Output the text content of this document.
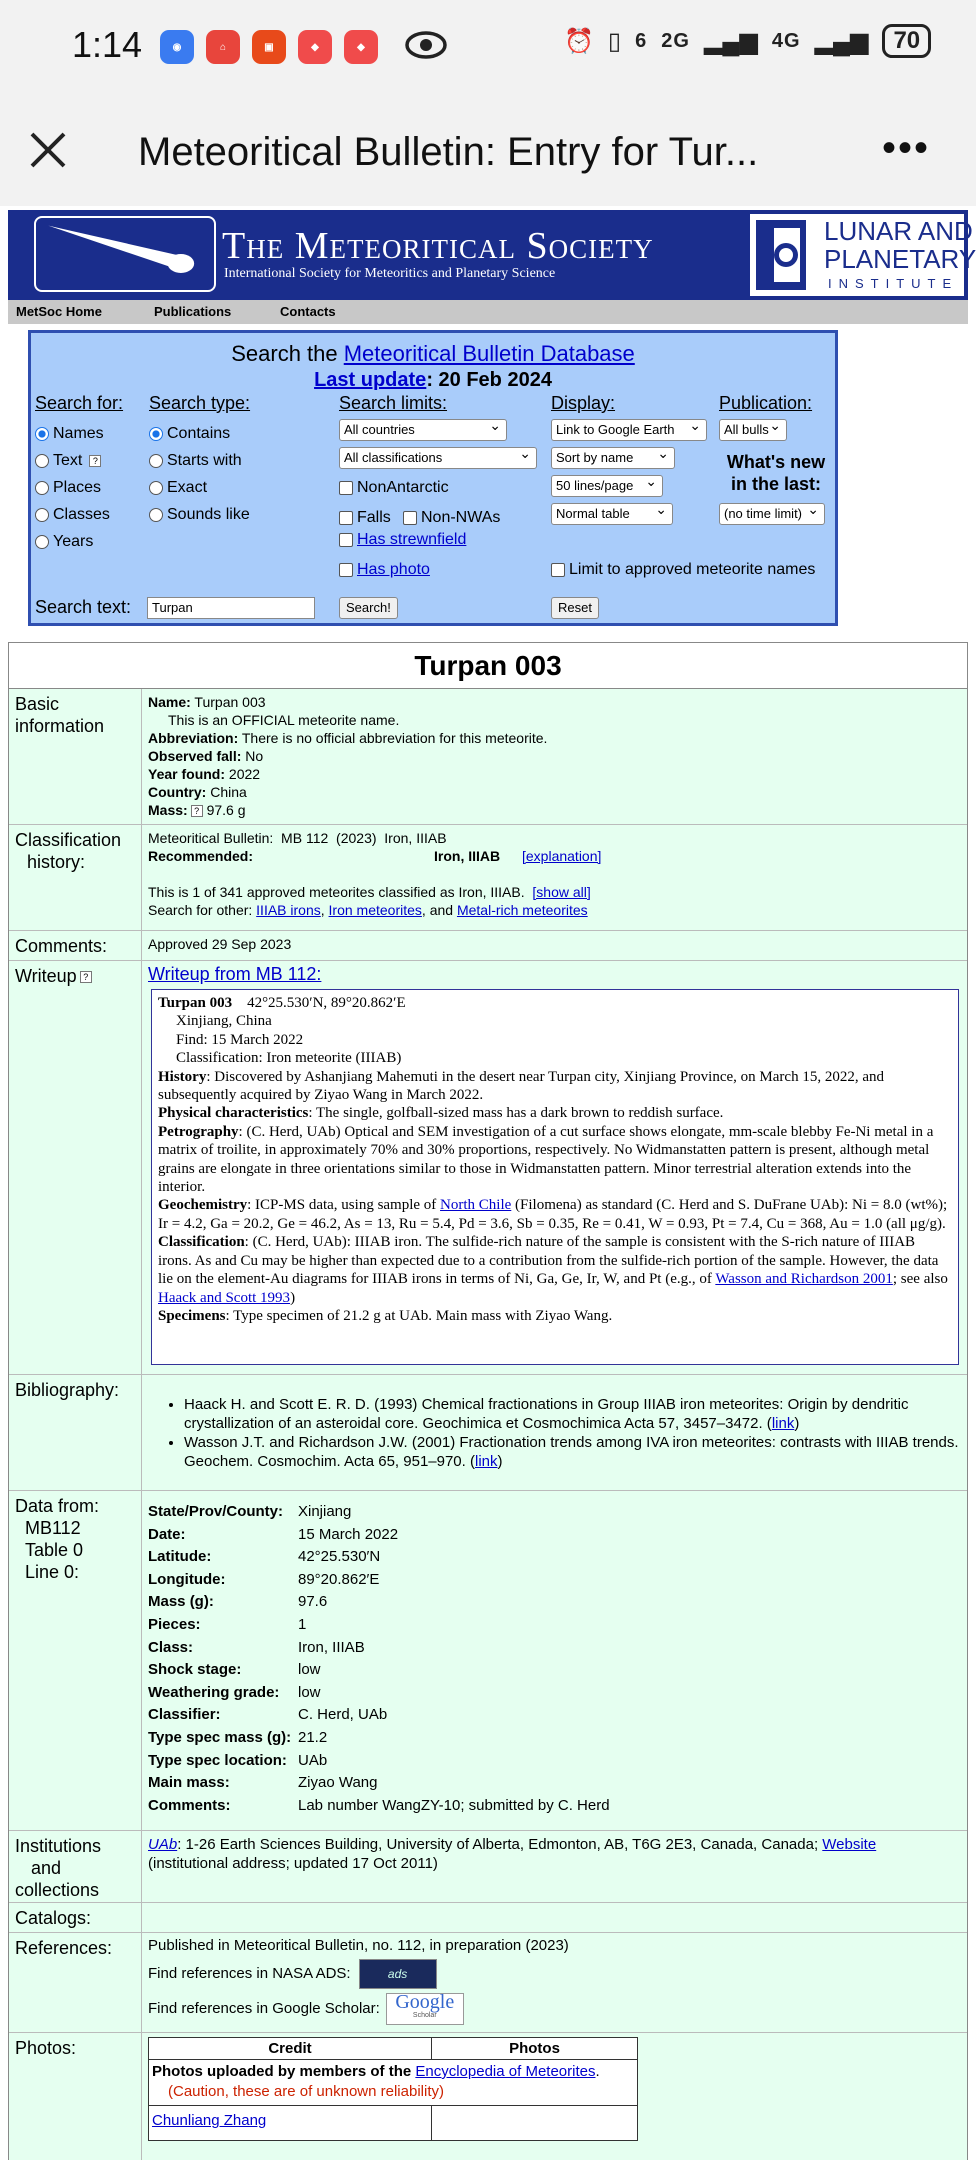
1:14	◉	⌂	▣	◆	◆	⏰ ▯ 6 2G ▂▄▆ 4G ▂▄▆	70
Meteoritical Bulletin: Entry for Tur...	•••
The Meteoritical Society
International Society for Meteoritics and Planetary Science
LUNAR AND
PLANETARY
INSTITUTE
MetSoc Home	Publications	Contacts
Search the Meteoritical Bulletin Database
Last update: 20 Feb 2024
Search for:
Names
Text	?
Places
Classes
Years
Search type:
Contains
Starts with
Exact
Sounds like
Search limits:
All countries ⌄
All classifications ⌄
NonAntarctic
Falls Non-NWAs
Has strewnfield
Has photo
Display:
Link to Google Earth ⌄
Sort by name ⌄
50 lines/page ⌄
Normal table ⌄
Limit to approved meteorite names
Publication:
All bulls ⌄
What's new
in the last:
(no time limit) ⌄
Search text:	Turpan	Search!	Reset
Turpan 003
Basic
information
Name: Turpan 003
This is an OFFICIAL meteorite name.
Abbreviation: There is no official abbreviation for this meteorite.
Observed fall: No
Year found: 2022
Country: China
Mass: ? 97.6 g
Classification
history:
Meteoritical Bulletin:  MB 112  (2023)  Iron, IIIAB
Recommended:	Iron, IIIAB [explanation]
This is 1 of 341 approved meteorites classified as Iron, IIIAB. [show all]
Search for other: IIIAB irons, Iron meteorites, and Metal-rich meteorites
Comments:	Approved 29 Sep 2023
Writeup ?	Writeup from MB 112:
Turpan 003 42°25.530′N, 89°20.862′E
Xinjiang, China
Find: 15 March 2022
Classification: Iron meteorite (IIIAB)
History: Discovered by Ashanjiang Mahemuti in the desert near Turpan city, Xinjiang Province, on March 15, 2022, and subsequently acquired by Ziyao Wang in March 2022.
Physical characteristics: The single, golfball-sized mass has a dark brown to reddish surface.
Petrography: (C. Herd, UAb) Optical and SEM investigation of a cut surface shows elongate, mm-scale blebby Fe-Ni metal in a matrix of troilite, in approximately 70% and 30% proportions, respectively. No Widmanstatten pattern is present, although metal grains are elongate in three orientations similar to those in Widmanstatten pattern. Minor terrestrial alteration extends into the interior.
Geochemistry: ICP-MS data, using sample of North Chile (Filomena) as standard (C. Herd and S. DuFrane UAb): Ni = 8.0 (wt%); Ir = 4.2, Ga = 20.2, Ge = 46.2, As = 13, Ru = 5.4, Pd = 3.6, Sb = 0.35, Re = 0.41, W = 0.93, Pt = 7.4, Cu = 368, Au = 1.0 (all μg/g).
Classification: (C. Herd, UAb): IIIAB iron. The sulfide-rich nature of the sample is consistent with the S-rich nature of IIIAB irons. As and Cu may be higher than expected due to a contribution from the sulfide-rich portion of the sample. However, the data lie on the element-Au diagrams for IIIAB irons in terms of Ni, Ga, Ge, Ir, W, and Pt (e.g., of Wasson and Richardson 2001; see also Haack and Scott 1993)
Specimens: Type specimen of 21.2 g at UAb. Main mass with Ziyao Wang.
Bibliography:
• Haack H. and Scott E. R. D. (1993) Chemical fractionations in Group IIIAB iron meteorites: Origin by dendritic crystallization of an asteroidal core. Geochimica et Cosmochimica Acta 57, 3457–3472. (link)
• Wasson J.T. and Richardson J.W. (2001) Fractionation trends among IVA iron meteorites: contrasts with IIIAB trends. Geochem. Cosmochim. Acta 65, 951–970. (link)
Data from:
MB112
Table 0
Line 0:
State/Prov/County: Xinjiang
Date:	15 March 2022
Latitude:	42°25.530′N
Longitude:	89°20.862′E
Mass (g):	97.6
Pieces:	1
Class:	Iron, IIIAB
Shock stage:	low
Weathering grade:	low
Classifier:	C. Herd, UAb
Type spec mass (g): 21.2
Type spec location: UAb
Main mass:	Ziyao Wang
Comments:	Lab number WangZY-10; submitted by C. Herd
Institutions
and
collections
UAb: 1-26 Earth Sciences Building, University of Alberta, Edmonton, AB, T6G 2E3, Canada, Canada; Website
(institutional address; updated 17 Oct 2011)
Catalogs:
References: Published in Meteoritical Bulletin, no. 112, in preparation (2023)
Find references in NASA ADS:	ads
Find references in Google Scholar: Google
Scholar
Photos:	Credit	Photos
Photos uploaded by members of the Encyclopedia of Meteorites.
(Caution, these are of unknown reliability)
Chunliang Zhang
